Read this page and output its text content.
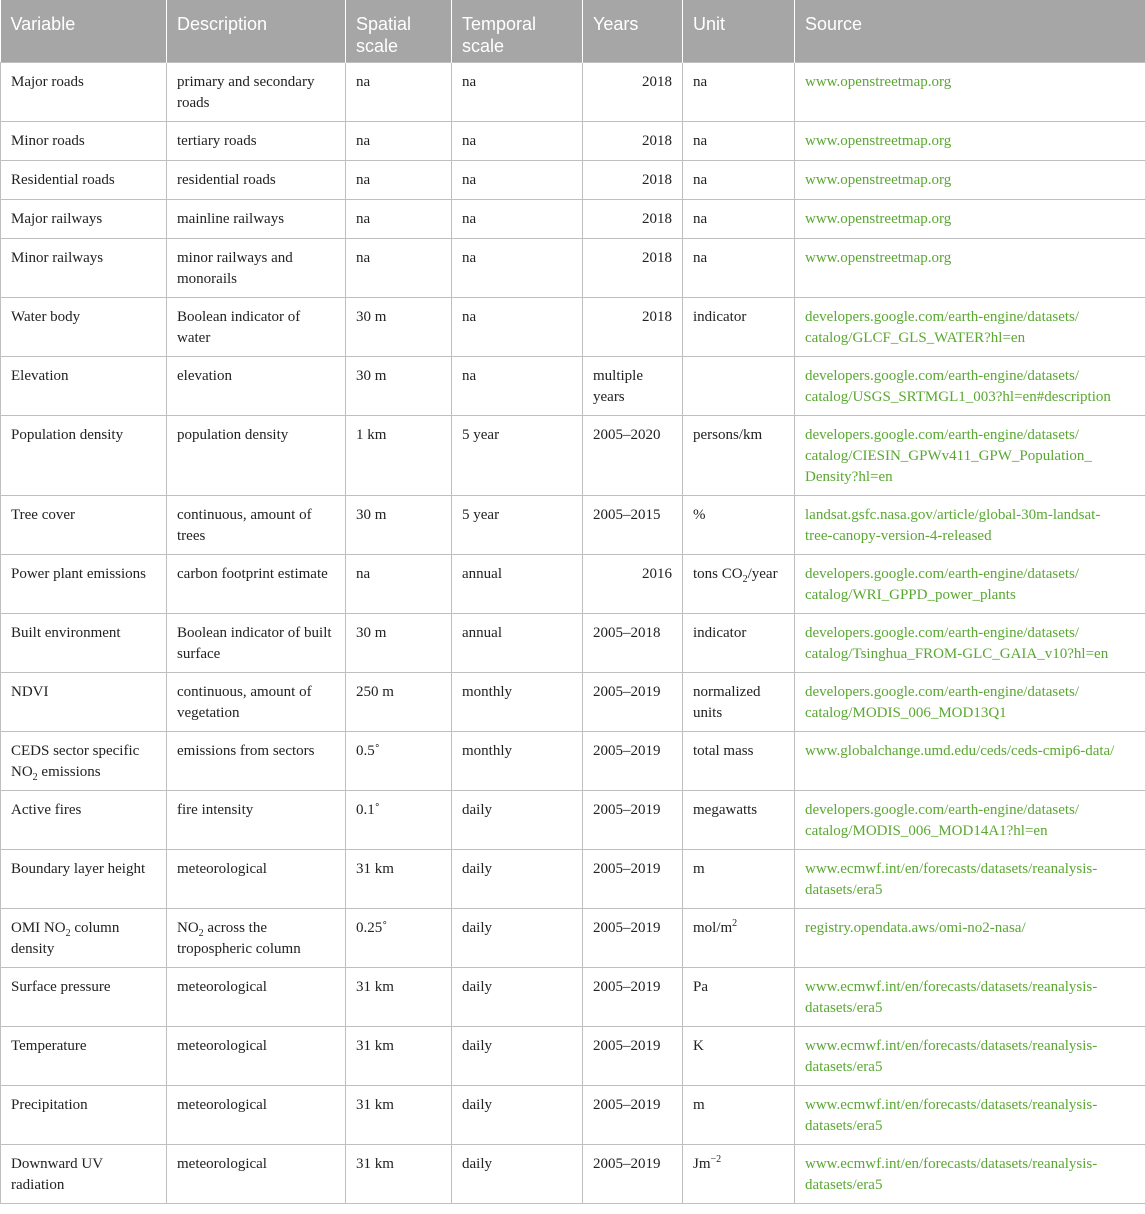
Variable	Description	Spatial scale	Temporal scale	Years	Unit	Source
Major roads	primary and secondary roads	na	na	2018	na	www.openstreetmap.org
Minor roads	tertiary roads	na	na	2018	na	www.openstreetmap.org
Residential roads	residential roads	na	na	2018	na	www.openstreetmap.org
Major railways	mainline railways	na	na	2018	na	www.openstreetmap.org
Minor railways	minor railways and monorails	na	na	2018	na	www.openstreetmap.org
Water body	Boolean indicator of water	30 m	na	2018	indicator	developers.google.com/earth-engine/datasets/
catalog/GLCF_GLS_WATER?hl=en
Elevation	elevation	30 m	na	multiple years		developers.google.com/earth-engine/datasets/
catalog/USGS_SRTMGL1_003?hl=en#description
Population density	population density	1 km	5 year	2005–2020	persons/km	developers.google.com/earth-engine/datasets/
catalog/CIESIN_GPWv411_GPW_Population_
Density?hl=en
Tree cover	continuous, amount of trees	30 m	5 year	2005–2015	%	landsat.gsfc.nasa.gov/article/global-30m-landsat-
tree-canopy-version-4-released
Power plant emissions	carbon footprint estimate	na	annual	2016	tons $CO_2$/year	developers.google.com/earth-engine/datasets/
catalog/WRI_GPPD_power_plants
Built environment	Boolean indicator of built surface	30 m	annual	2005–2018	indicator	developers.google.com/earth-engine/datasets/
catalog/Tsinghua_FROM-GLC_GAIA_v10?hl=en
NDVI	continuous, amount of vegetation	250 m	monthly	2005–2019	normalized units	developers.google.com/earth-engine/datasets/
catalog/MODIS_006_MOD13Q1
CEDS sector specific $NO_2$ emissions	emissions from sectors	0.5˚	monthly	2005–2019	total mass	www.globalchange.umd.edu/ceds/ceds-cmip6-data/
Active fires	fire intensity	0.1˚	daily	2005–2019	megawatts	developers.google.com/earth-engine/datasets/
catalog/MODIS_006_MOD14A1?hl=en
Boundary layer height	meteorological	31 km	daily	2005–2019	m	www.ecmwf.int/en/forecasts/datasets/reanalysis-
datasets/era5
OMI $NO_2$ column density	$NO_2$ across the tropospheric column	0.25˚	daily	2005–2019	mol/$m^2$	registry.opendata.aws/omi-no2-nasa/
Surface pressure	meteorological	31 km	daily	2005–2019	Pa	www.ecmwf.int/en/forecasts/datasets/reanalysis-
datasets/era5
Temperature	meteorological	31 km	daily	2005–2019	K	www.ecmwf.int/en/forecasts/datasets/reanalysis-
datasets/era5
Precipitation	meteorological	31 km	daily	2005–2019	m	www.ecmwf.int/en/forecasts/datasets/reanalysis-
datasets/era5
Downward UV radiation	meteorological	31 km	daily	2005–2019	$Jm^{-2}$	www.ecmwf.int/en/forecasts/datasets/reanalysis-
datasets/era5
